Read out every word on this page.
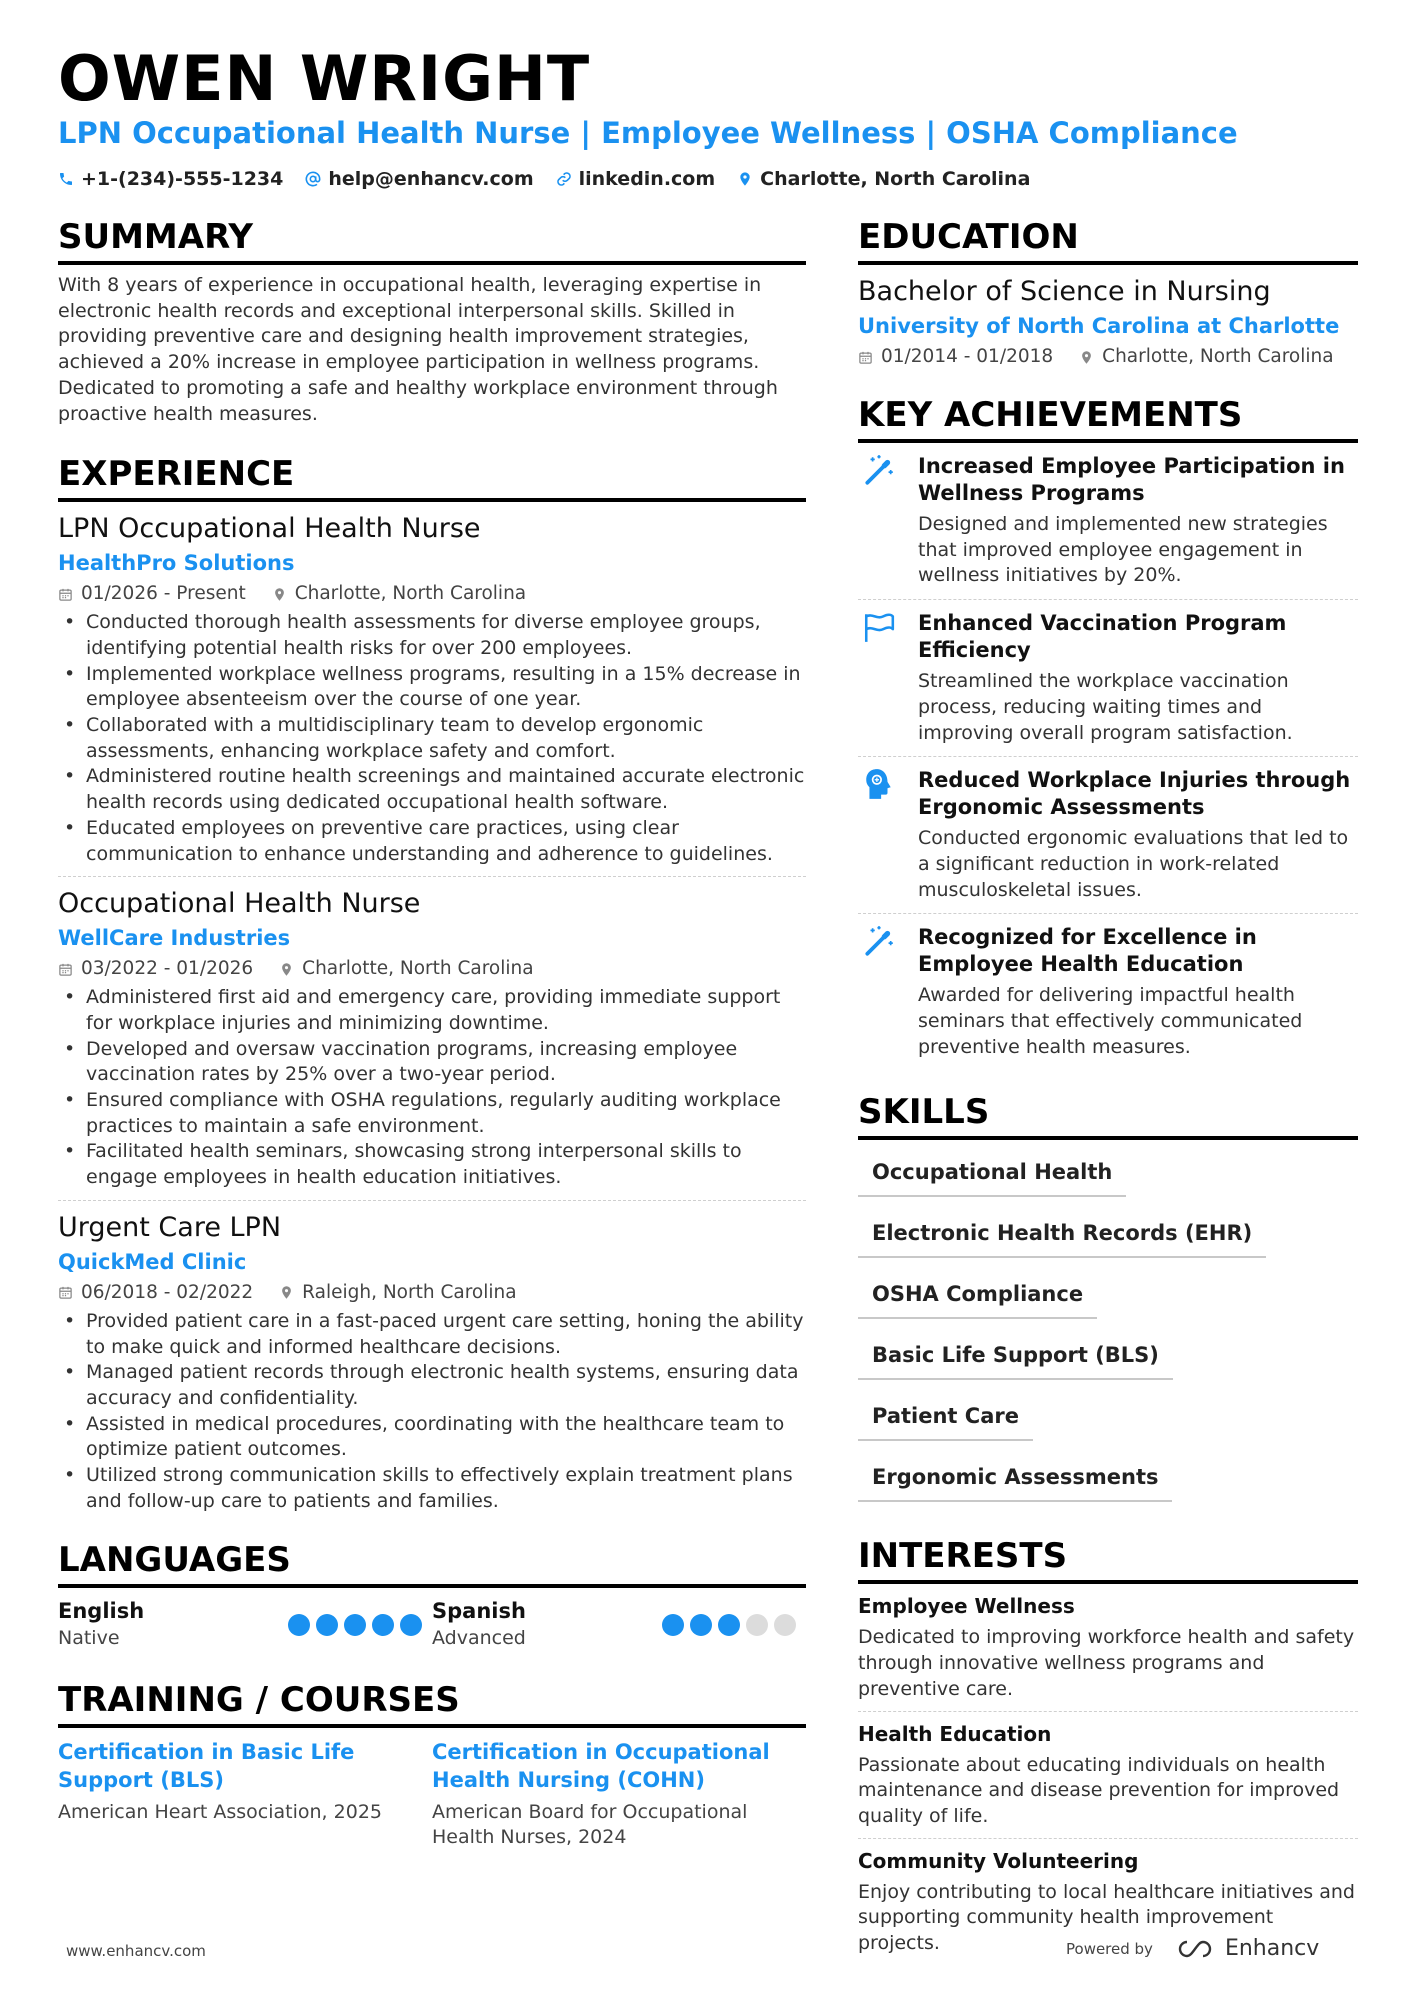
OWEN WRIGHT
LPN Occupational Health Nurse | Employee Wellness | OSHA Compliance
+1-(234)-555-1234 help@enhancv.com linkedin.com Charlotte, North Carolina
SUMMARY

With 8 years of experience in occupational health, leveraging expertise in electronic health records and exceptional interpersonal skills. Skilled in providing preventive care and designing health improvement strategies, achieved a 20% increase in employee participation in wellness programs. Dedicated to promoting a safe and healthy workplace environment through proactive health measures.

EXPERIENCE
LPN Occupational Health Nurse
HealthPro Solutions
01/2026 - Present	Charlotte, North Carolina
• Conducted thorough health assessments for diverse employee groups, identifying potential health risks for over 200 employees.
• Implemented workplace wellness programs, resulting in a 15% decrease in employee absenteeism over the course of one year.
• Collaborated with a multidisciplinary team to develop ergonomic assessments, enhancing workplace safety and comfort.
• Administered routine health screenings and maintained accurate electronic health records using dedicated occupational health software.
• Educated employees on preventive care practices, using clear communication to enhance understanding and adherence to guidelines.
Occupational Health Nurse
WellCare Industries
03/2022 - 01/2026	Charlotte, North Carolina
• Administered first aid and emergency care, providing immediate support for workplace injuries and minimizing downtime.
• Developed and oversaw vaccination programs, increasing employee vaccination rates by 25% over a two-year period.
• Ensured compliance with OSHA regulations, regularly auditing workplace practices to maintain a safe environment.
• Facilitated health seminars, showcasing strong interpersonal skills to engage employees in health education initiatives.
Urgent Care LPN
QuickMed Clinic
06/2018 - 02/2022	Raleigh, North Carolina
• Provided patient care in a fast-paced urgent care setting, honing the ability to make quick and informed healthcare decisions.
• Managed patient records through electronic health systems, ensuring data accuracy and confidentiality.
• Assisted in medical procedures, coordinating with the healthcare team to optimize patient outcomes.
• Utilized strong communication skills to effectively explain treatment plans and follow-up care to patients and families.
LANGUAGES
English
Native
Spanish
Advanced
TRAINING / COURSES
Certification in Basic Life Support (BLS)
American Heart Association, 2025
Certification in Occupational Health Nursing (COHN)
American Board for Occupational Health Nurses, 2024
EDUCATION
Bachelor of Science in Nursing
University of North Carolina at Charlotte
01/2014 - 01/2018	Charlotte, North Carolina
KEY ACHIEVEMENTS
Increased Employee Participation in Wellness Programs
Designed and implemented new strategies that improved employee engagement in wellness initiatives by 20%.
Enhanced Vaccination Program Efficiency
Streamlined the workplace vaccination process, reducing waiting times and improving overall program satisfaction.
Reduced Workplace Injuries through Ergonomic Assessments
Conducted ergonomic evaluations that led to a significant reduction in work-related musculoskeletal issues.
Recognized for Excellence in Employee Health Education
Awarded for delivering impactful health seminars that effectively communicated preventive health measures.
SKILLS
Occupational Health
Electronic Health Records (EHR)
OSHA Compliance
Basic Life Support (BLS)
Patient Care
Ergonomic Assessments
INTERESTS
Employee Wellness
Dedicated to improving workforce health and safety through innovative wellness programs and preventive care.
Health Education
Passionate about educating individuals on health maintenance and disease prevention for improved quality of life.
Community Volunteering
Enjoy contributing to local healthcare initiatives and supporting community health improvement projects.
www.enhancv.com	Powered by	Enhancv
